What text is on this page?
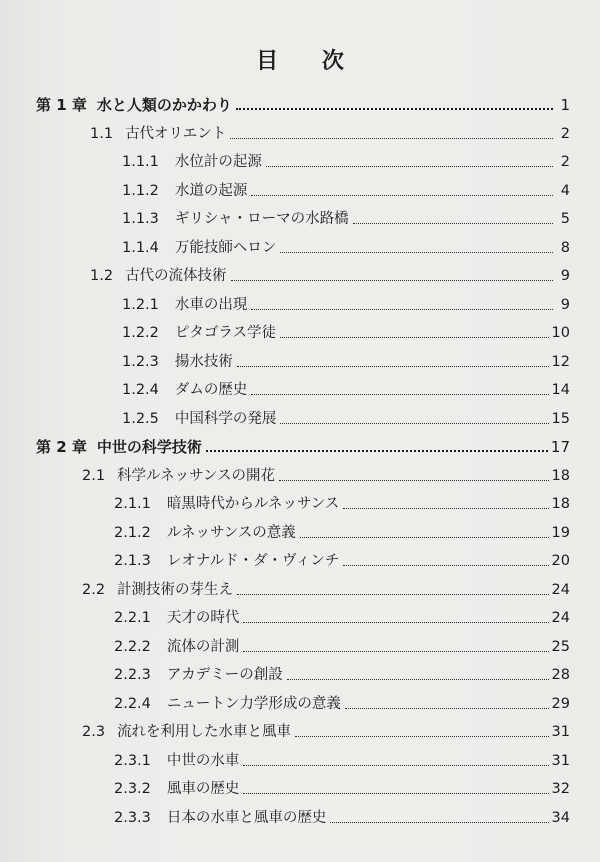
目 次
第 1 章 水と人類のかかわり	1
1.1 古代オリエント	2
1.1.1 水位計の起源	2
1.1.2 水道の起源	4
1.1.3 ギリシャ・ローマの水路橋	5
1.1.4 万能技師ヘロン	8
1.2 古代の流体技術	9
1.2.1 水車の出現	9
1.2.2 ピタゴラス学徒	10
1.2.3 揚水技術	12
1.2.4 ダムの歴史	14
1.2.5 中国科学の発展	15
第 2 章 中世の科学技術	17
2.1 科学ルネッサンスの開花	18
2.1.1 暗黒時代からルネッサンス	18
2.1.2 ルネッサンスの意義	19
2.1.3 レオナルド・ダ・ヴィンチ	20
2.2 計測技術の芽生え	24
2.2.1 天才の時代	24
2.2.2 流体の計測	25
2.2.3 アカデミーの創設	28
2.2.4 ニュートン力学形成の意義	29
2.3 流れを利用した水車と風車	31
2.3.1 中世の水車	31
2.3.2 風車の歴史	32
2.3.3 日本の水車と風車の歴史	34
